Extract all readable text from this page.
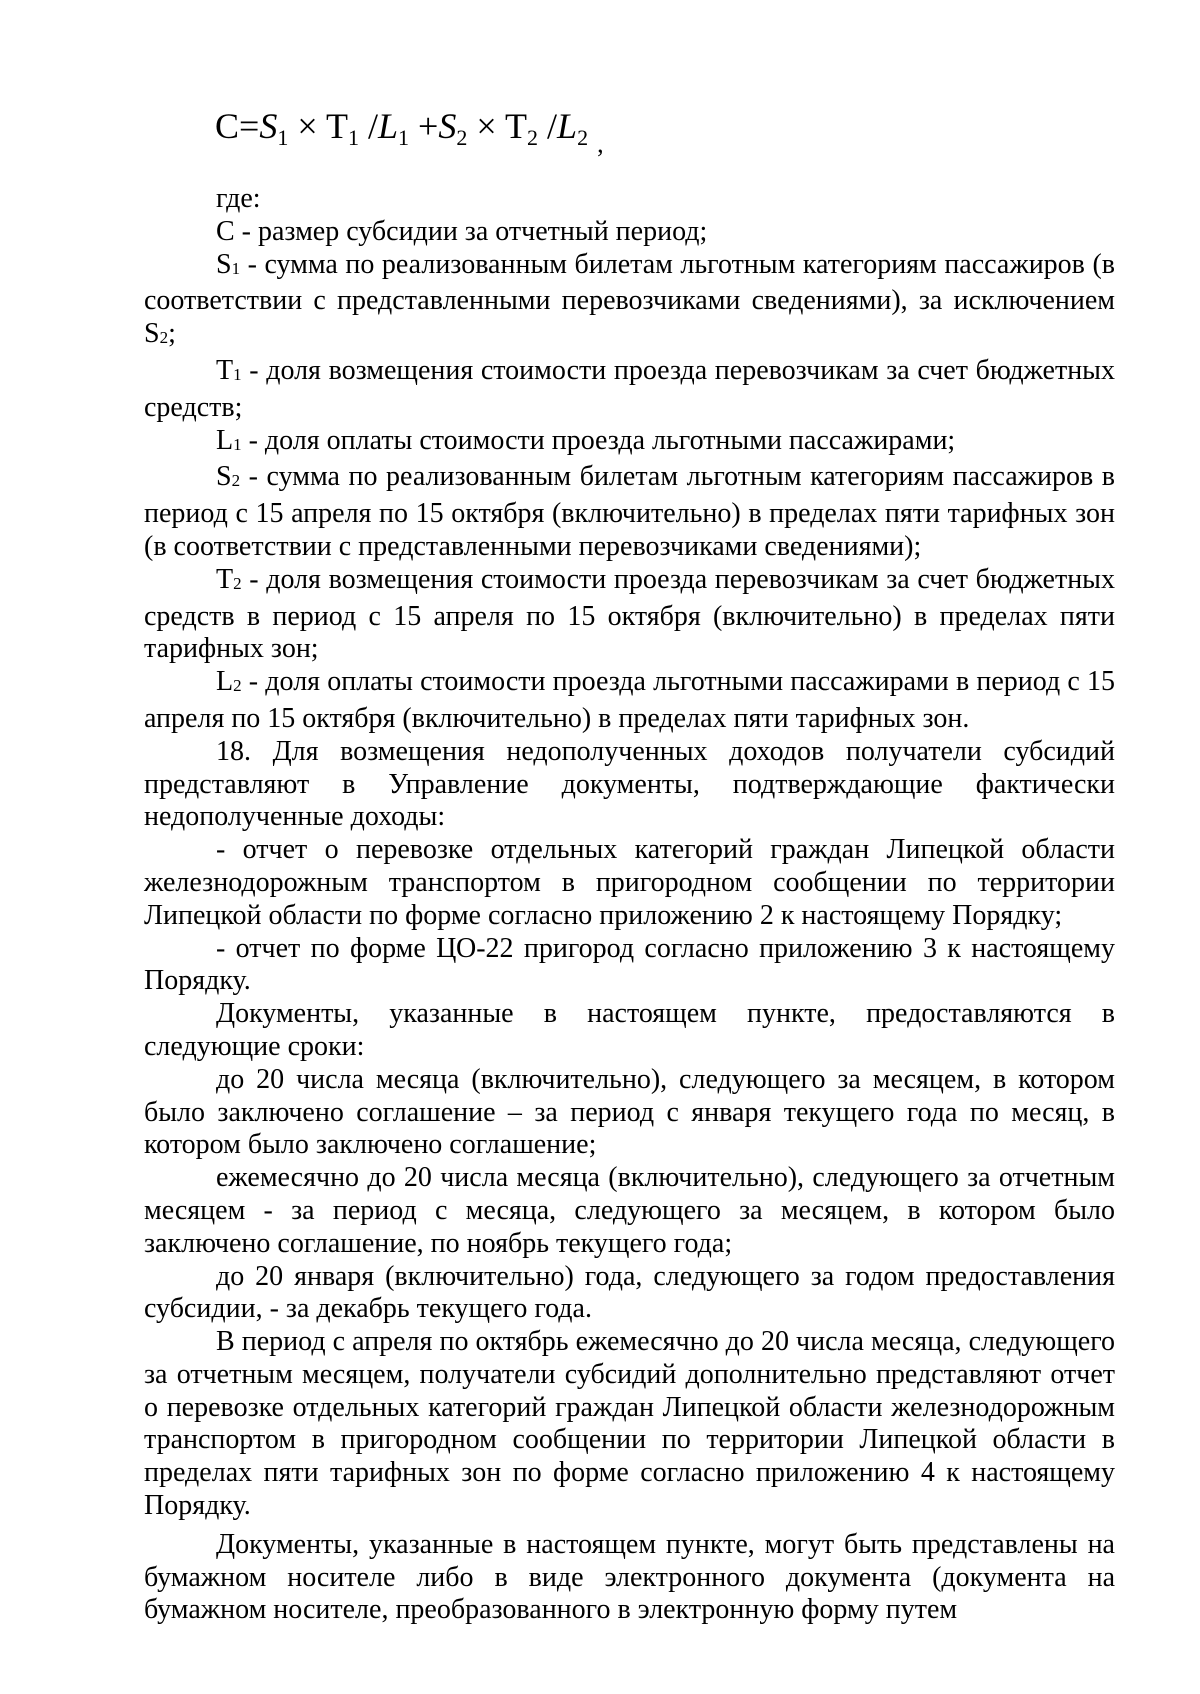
$C=S_1 \times T_1$ $/L_1 +S_2 \times T_2$ $/L_2$ $_,$

где:

С - размер субсидии за отчетный период;

$S_1$ - сумма по реализованным билетам льготным категориям пассажиров (в соответствии с представленными перевозчиками сведениями), за исключением $S_2$;

$Т_1$ - доля возмещения стоимости проезда перевозчикам за счет бюджетных средств;

$L_1$ - доля оплаты стоимости проезда льготными пассажирами;

$S_2$ - сумма по реализованным билетам льготным категориям пассажиров в период с 15 апреля по 15 октября (включительно) в пределах пяти тарифных зон (в соответствии с представленными перевозчиками сведениями);

$Т_2$ - доля возмещения стоимости проезда перевозчикам за счет бюджетных средств в период с 15 апреля по 15 октября (включительно) в пределах пяти тарифных зон;

$L_2$ - доля оплаты стоимости проезда льготными пассажирами в период с 15 апреля по 15 октября (включительно) в пределах пяти тарифных зон.

18. Для возмещения недополученных доходов получатели субсидий представляют в Управление документы, подтверждающие фактически недополученные доходы:

- отчет о перевозке отдельных категорий граждан Липецкой области железнодорожным транспортом в пригородном сообщении по территории Липецкой области по форме согласно приложению 2 к настоящему Порядку;

- отчет по форме ЦО-22 пригород согласно приложению 3 к настоящему Порядку.

Документы, указанные в настоящем пункте, предоставляются в следующие сроки:

до 20 числа месяца (включительно), следующего за месяцем, в котором было заключено соглашение – за период с января текущего года по месяц, в котором было заключено соглашение;

ежемесячно до 20 числа месяца (включительно), следующего за отчетным месяцем - за период с месяца, следующего за месяцем, в котором было заключено соглашение, по ноябрь текущего года;

до 20 января (включительно) года, следующего за годом предоставления субсидии, - за декабрь текущего года.

В период с апреля по октябрь ежемесячно до 20 числа месяца, следующего за отчетным месяцем, получатели субсидий дополнительно представляют отчет о перевозке отдельных категорий граждан Липецкой области железнодорожным транспортом в пригородном сообщении по территории Липецкой области в пределах пяти тарифных зон по форме согласно приложению 4 к настоящему Порядку.

Документы, указанные в настоящем пункте, могут быть представлены на бумажном носителе либо в виде электронного документа (документа на бумажном носителе, преобразованного в электронную форму путем
